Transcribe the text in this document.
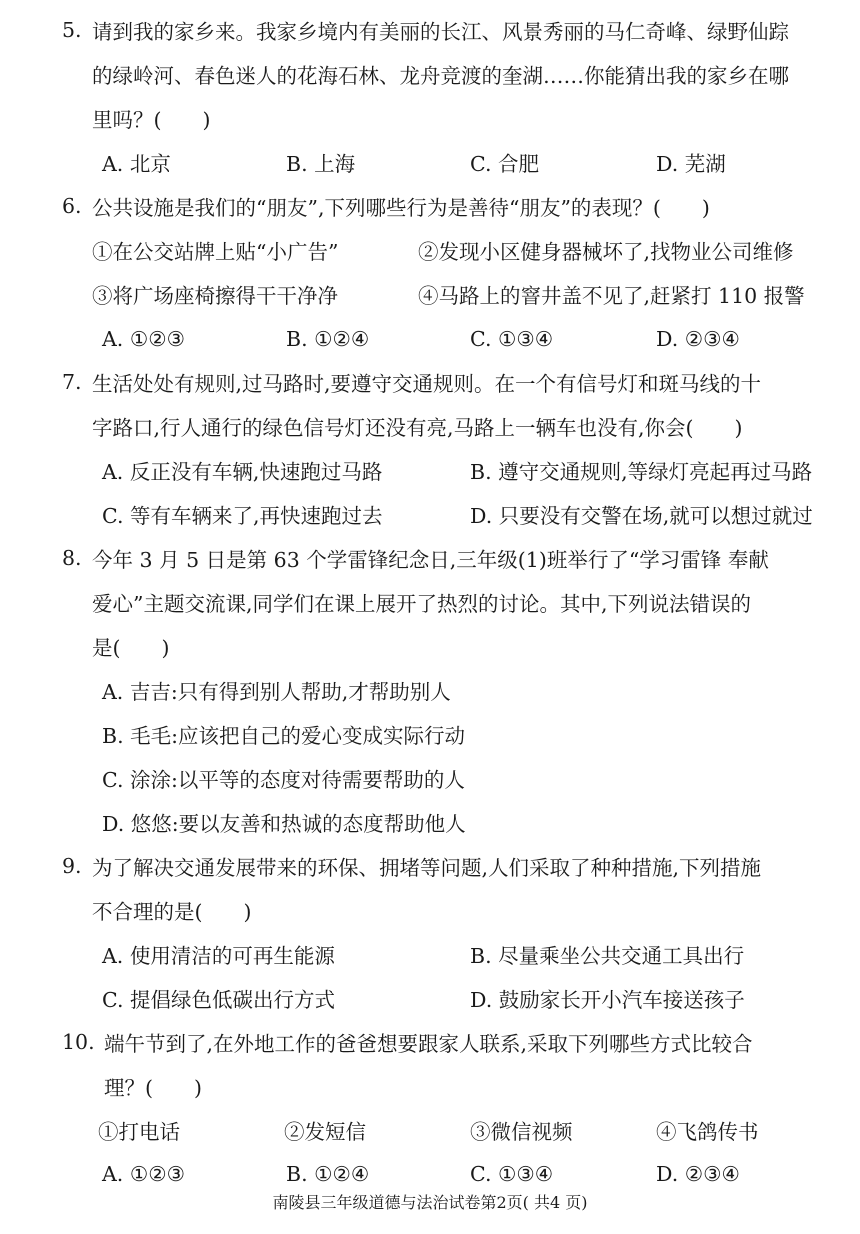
5. 请到我的家乡来。我家乡境内有美丽的长江、风景秀丽的马仁奇峰、绿野仙踪
的绿岭河、春色迷人的花海石林、龙舟竞渡的奎湖……你能猜出我的家乡在哪
里吗？(　　)
A. 北京	B. 上海	C. 合肥	D. 芜湖
6. 公共设施是我们的“朋友”,下列哪些行为是善待“朋友”的表现？(　　)
①在公交站牌上贴“小广告”	②发现小区健身器械坏了,找物业公司维修
③将广场座椅擦得干干净净	④马路上的窨井盖不见了,赶紧打 110 报警
A. ①②③	B. ①②④	C. ①③④	D. ②③④
7. 生活处处有规则,过马路时,要遵守交通规则。在一个有信号灯和斑马线的十
字路口,行人通行的绿色信号灯还没有亮,马路上一辆车也没有,你会(　　)
A. 反正没有车辆,快速跑过马路	B. 遵守交通规则,等绿灯亮起再过马路
C. 等有车辆来了,再快速跑过去	D. 只要没有交警在场,就可以想过就过
8. 今年 3 月 5 日是第 63 个学雷锋纪念日,三年级(1)班举行了“学习雷锋 奉献
爱心”主题交流课,同学们在课上展开了热烈的讨论。其中,下列说法错误的
是(　　)
A. 吉吉:只有得到别人帮助,才帮助别人
B. 毛毛:应该把自己的爱心变成实际行动
C. 涂涂:以平等的态度对待需要帮助的人
D. 悠悠:要以友善和热诚的态度帮助他人
9. 为了解决交通发展带来的环保、拥堵等问题,人们采取了种种措施,下列措施
不合理的是(　　)
A. 使用清洁的可再生能源	B. 尽量乘坐公共交通工具出行
C. 提倡绿色低碳出行方式	D. 鼓励家长开小汽车接送孩子
10. 端午节到了,在外地工作的爸爸想要跟家人联系,采取下列哪些方式比较合
理？(　　)
①打电话	②发短信	③微信视频	④飞鸽传书
A. ①②③	B. ①②④	C. ①③④	D. ②③④
南陵县三年级道德与法治试卷第2页( 共4 页)
